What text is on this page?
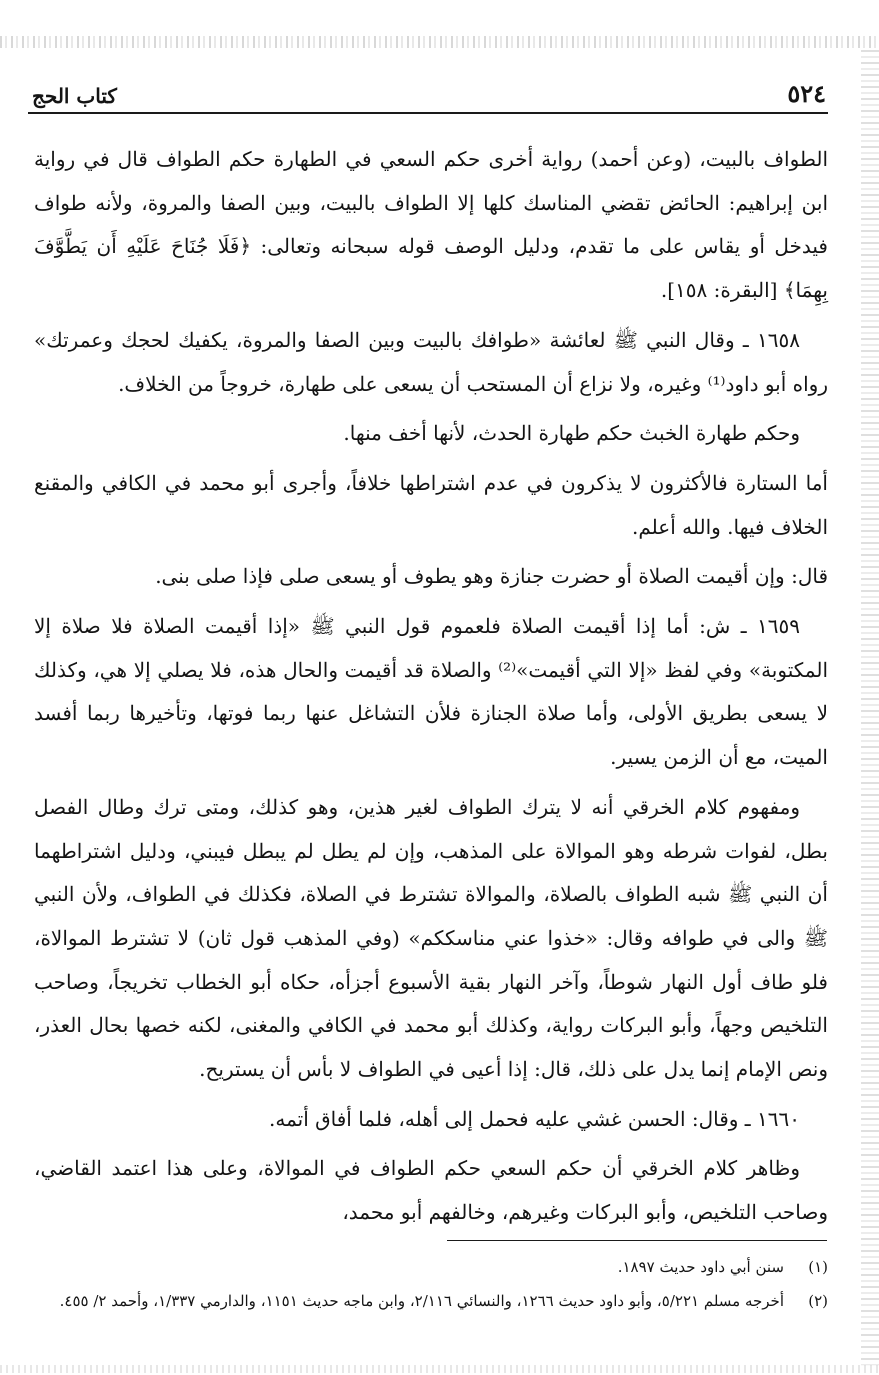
٥٢٤
كتاب الحج

الطواف بالبيت، (وعن أحمد) رواية أخرى حكم السعي في الطهارة حكم الطواف قال في رواية ابن إبراهيم: الحائض تقضي المناسك كلها إلا الطواف بالبيت، وبين الصفا والمروة، ولأنه طواف فيدخل أو يقاس على ما تقدم، ودليل الوصف قوله سبحانه وتعالى: ﴿فَلَا جُنَاحَ عَلَيْهِ أَن يَطَّوَّفَ بِهِمَا﴾ [البقرة: ١٥٨].

١٦٥٨ ـ وقال النبي ﷺ لعائشة «طوافك بالبيت وبين الصفا والمروة، يكفيك لحجك وعمرتك» رواه أبو داود⁽¹⁾ وغيره، ولا نزاع أن المستحب أن يسعى على طهارة، خروجاً من الخلاف.

وحكم طهارة الخبث حكم طهارة الحدث، لأنها أخف منها.

أما الستارة فالأكثرون لا يذكرون في عدم اشتراطها خلافاً، وأجرى أبو محمد في الكافي والمقنع الخلاف فيها. والله أعلم.

قال: وإن أقيمت الصلاة أو حضرت جنازة وهو يطوف أو يسعى صلى فإذا صلى بنى.

١٦٥٩ ـ ش: أما إذا أقيمت الصلاة فلعموم قول النبي ﷺ «إذا أقيمت الصلاة فلا صلاة إلا المكتوبة» وفي لفظ «إلا التي أقيمت»⁽²⁾ والصلاة قد أقيمت والحال هذه، فلا يصلي إلا هي، وكذلك لا يسعى بطريق الأولى، وأما صلاة الجنازة فلأن التشاغل عنها ربما فوتها، وتأخيرها ربما أفسد الميت، مع أن الزمن يسير.

ومفهوم كلام الخرقي أنه لا يترك الطواف لغير هذين، وهو كذلك، ومتى ترك وطال الفصل بطل، لفوات شرطه وهو الموالاة على المذهب، وإن لم يطل لم يبطل فيبني، ودليل اشتراطهما أن النبي ﷺ شبه الطواف بالصلاة، والموالاة تشترط في الصلاة، فكذلك في الطواف، ولأن النبي ﷺ والى في طوافه وقال: «خذوا عني مناسككم» (وفي المذهب قول ثان) لا تشترط الموالاة، فلو طاف أول النهار شوطاً، وآخر النهار بقية الأسبوع أجزأه، حكاه أبو الخطاب تخريجاً، وصاحب التلخيص وجهاً، وأبو البركات رواية، وكذلك أبو محمد في الكافي والمغنى، لكنه خصها بحال العذر، ونص الإمام إنما يدل على ذلك، قال: إذا أعيى في الطواف لا بأس أن يستريح.

١٦٦٠ ـ وقال: الحسن غشي عليه فحمل إلى أهله، فلما أفاق أتمه.

وظاهر كلام الخرقي أن حكم السعي حكم الطواف في الموالاة، وعلى هذا اعتمد القاضي، وصاحب التلخيص، وأبو البركات وغيرهم، وخالفهم أبو محمد،

(١)
سنن أبي داود حديث ١٨٩٧.
(٢)
أخرجه مسلم ٥/٢٢١، وأبو داود حديث ١٢٦٦، والنسائي ٢/١١٦، وابن ماجه حديث ١١٥١، والدارمي ١/٣٣٧، وأحمد ٢/ ٤٥٥.
